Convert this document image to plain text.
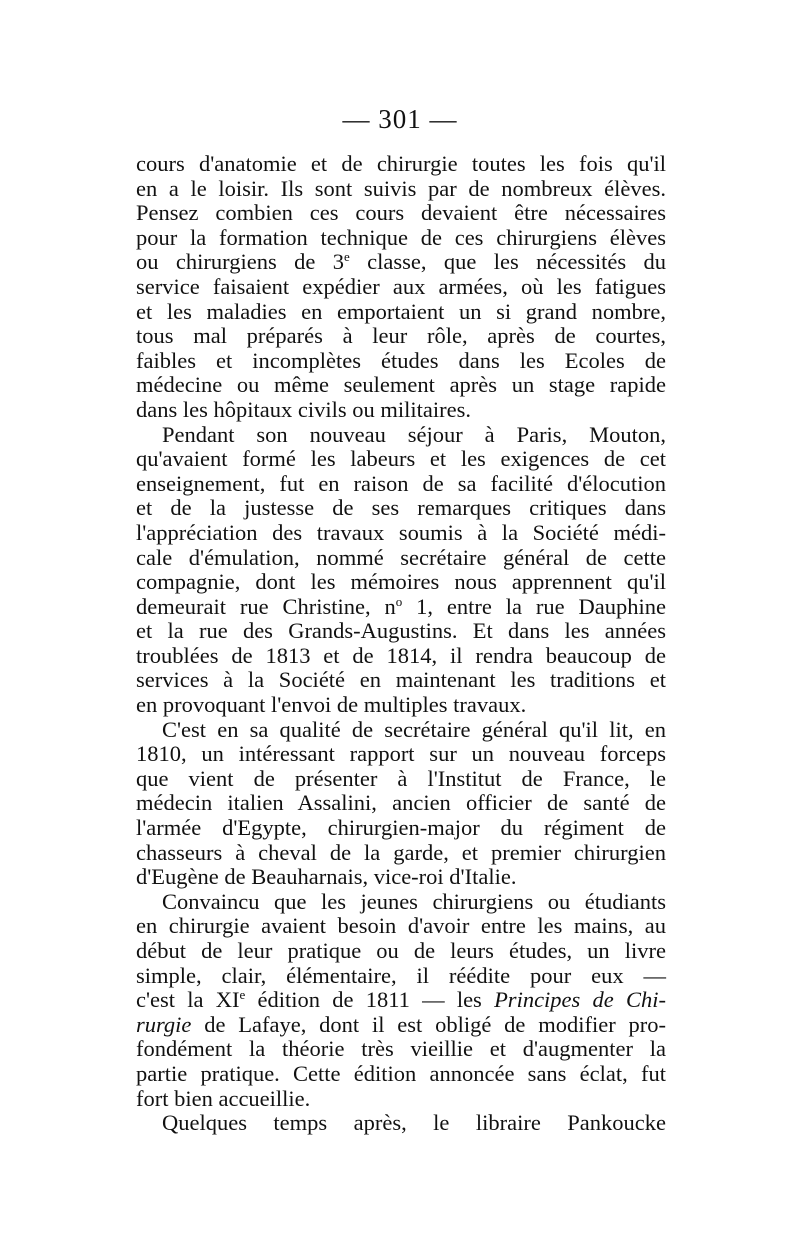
— 301 —
cours d'anatomie et de chirurgie toutes les fois qu'il
en a le loisir. Ils sont suivis par de nombreux élèves.
Pensez combien ces cours devaient être nécessaires
pour la formation technique de ces chirurgiens élèves
ou chirurgiens de 3e classe, que les nécessités du
service faisaient expédier aux armées, où les fatigues
et les maladies en emportaient un si grand nombre,
tous mal préparés à leur rôle, après de courtes,
faibles et incomplètes études dans les Ecoles de
médecine ou même seulement après un stage rapide
dans les hôpitaux civils ou militaires.
Pendant son nouveau séjour à Paris, Mouton,
qu'avaient formé les labeurs et les exigences de cet
enseignement, fut en raison de sa facilité d'élocution
et de la justesse de ses remarques critiques dans
l'appréciation des travaux soumis à la Société médi-
cale d'émulation, nommé secrétaire général de cette
compagnie, dont les mémoires nous apprennent qu'il
demeurait rue Christine, $n^o$ 1, entre la rue Dauphine
et la rue des Grands-Augustins. Et dans les années
troublées de 1813 et de 1814, il rendra beaucoup de
services à la Société en maintenant les traditions et
en provoquant l'envoi de multiples travaux.
C'est en sa qualité de secrétaire général qu'il lit, en
1810, un intéressant rapport sur un nouveau forceps
que vient de présenter à l'Institut de France, le
médecin italien Assalini, ancien officier de santé de
l'armée d'Egypte, chirurgien-major du régiment de
chasseurs à cheval de la garde, et premier chirurgien
d'Eugène de Beauharnais, vice-roi d'Italie.
Convaincu que les jeunes chirurgiens ou étudiants
en chirurgie avaient besoin d'avoir entre les mains, au
début de leur pratique ou de leurs études, un livre
simple, clair, élémentaire, il réédite pour eux —
c'est la XIe édition de 1811 — les Principes de Chi-
rurgie de Lafaye, dont il est obligé de modifier pro-
fondément la théorie très vieillie et d'augmenter la
partie pratique. Cette édition annoncée sans éclat, fut
fort bien accueillie.
Quelques temps après, le libraire Pankoucke
